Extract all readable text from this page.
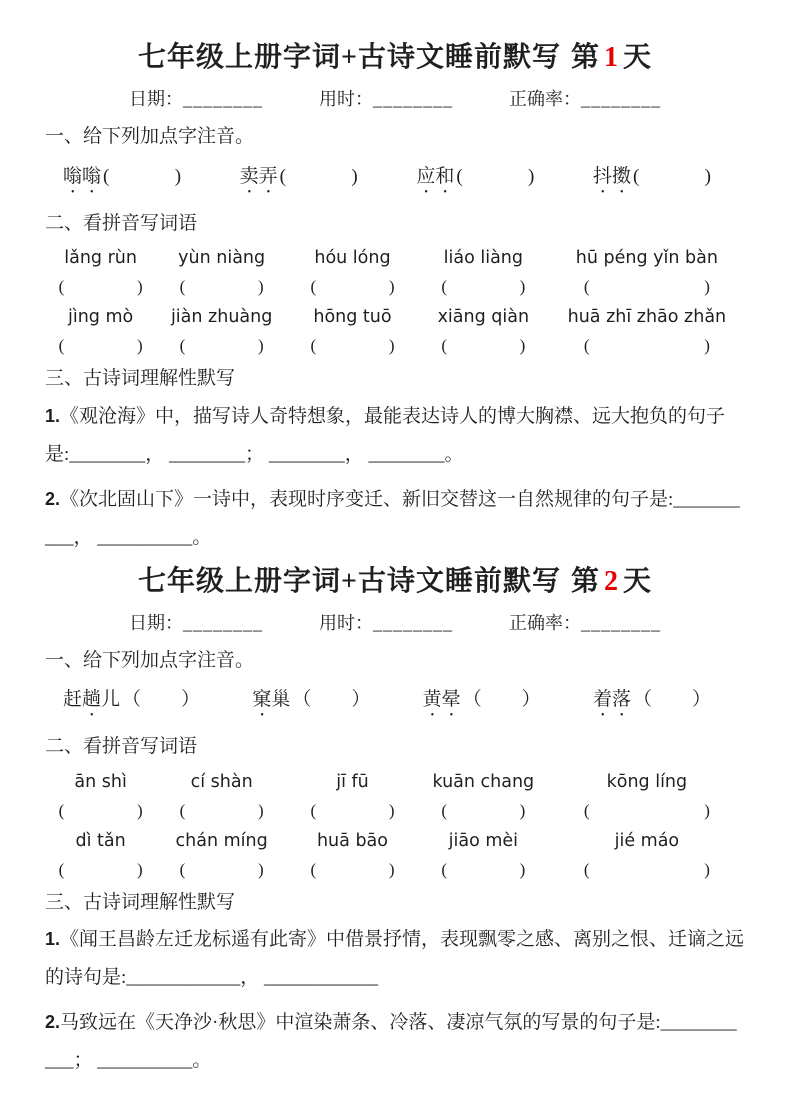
七年级上册字词+古诗文睡前默写 第 1 天
日期：________	用时：________	正确率：________
一、给下列加点字注音。
嗡嗡 (	)	卖弄 (	)	应和 (	)	抖擞 (	)
二、看拼音写词语
lǎng rùn	yùn niàng	hóu lóng	liáo liàng	hū péng yǐn bàn
(	) (	)	(	)	(	)	(	)
jìng mò	jiàn zhuàng	hōng tuō	xiāng qiàn	huā zhī zhāo zhǎn
(	) (	)	(	)	(	)	(	)
三、古诗词理解性默写

1.《观沧海》中，描写诗人奇特想象，最能表达诗人的博大胸襟、远大抱负的句子是:________， ________； ________， ________。

2.《次北固山下》一诗中，表现时序变迁、新旧交替这一自然规律的句子是:__________， __________。

七年级上册字词+古诗文睡前默写 第 2 天
日期：________	用时：________	正确率：________
一、给下列加点字注音。
赶趟儿 （ ）	窠巢 （ ）	黄晕 （ ）	着落 （ ）
二、看拼音写词语
ān shì	cí shàn	jī fū	kuān chang	kōng líng
(	) (	)	(	)	(	)	(	)
dì tǎn	chán míng	huā bāo	jiāo mèi	jié máo
(	) (	)	(	)	(	)	(	)
三、古诗词理解性默写

1.《闻王昌龄左迁龙标遥有此寄》中借景抒情，表现飘零之感、离别之恨、迁谪之远的诗句是:____________， ____________

2.马致远在《天净沙·秋思》中渲染萧条、冷落、凄凉气氛的写景的句子是:___________； __________。
